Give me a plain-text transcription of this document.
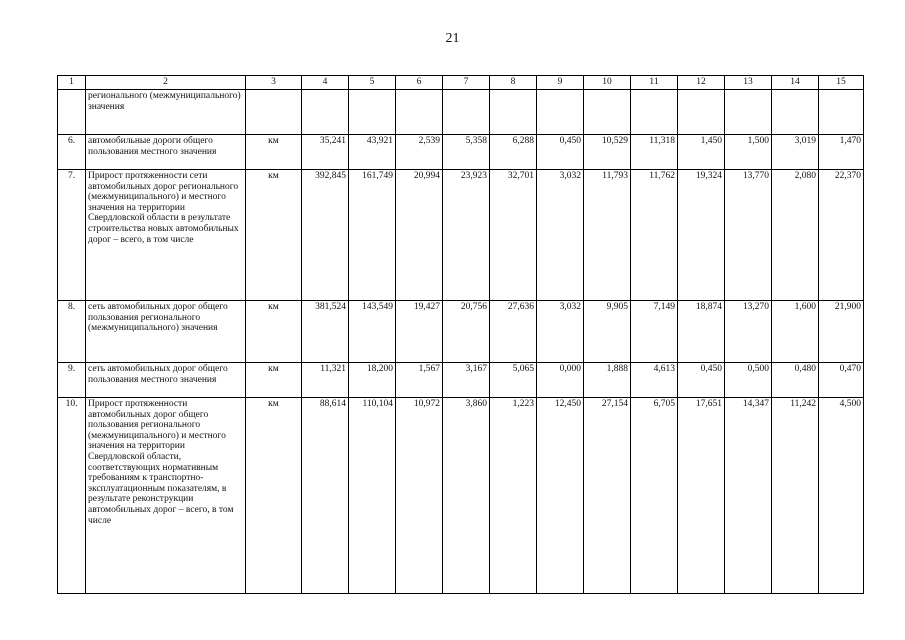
21
1	2	3	4	5	6	7	8	9	10	11	12	13	14	15
	регионального (межмуниципального) значения													
6.	автомобильные дороги общего пользования местного значения	км	35,241	43,921	2,539	5,358	6,288	0,450	10,529	11,318	1,450	1,500	3,019	1,470
7.	Прирост протяженности сети автомобильных дорог регионального (межмуниципального) и местного значения на территории Свердловской области в результате строительства новых автомобильных дорог – всего, в том числе	км	392,845	161,749	20,994	23,923	32,701	3,032	11,793	11,762	19,324	13,770	2,080	22,370
8.	сеть автомобильных дорог общего пользования регионального (межмуниципального) значения	км	381,524	143,549	19,427	20,756	27,636	3,032	9,905	7,149	18,874	13,270	1,600	21,900
9.	сеть автомобильных дорог общего пользования местного значения	км	11,321	18,200	1,567	3,167	5,065	0,000	1,888	4,613	0,450	0,500	0,480	0,470
10.	Прирост протяженности автомобильных дорог общего пользования регионального (межмуниципального) и местного значения на территории Свердловской области, соответствующих нормативным требованиям к транспортно-эксплуатационным показателям, в результате реконструкции автомобильных дорог – всего, в том числе	км	88,614	110,104	10,972	3,860	1,223	12,450	27,154	6,705	17,651	14,347	11,242	4,500
